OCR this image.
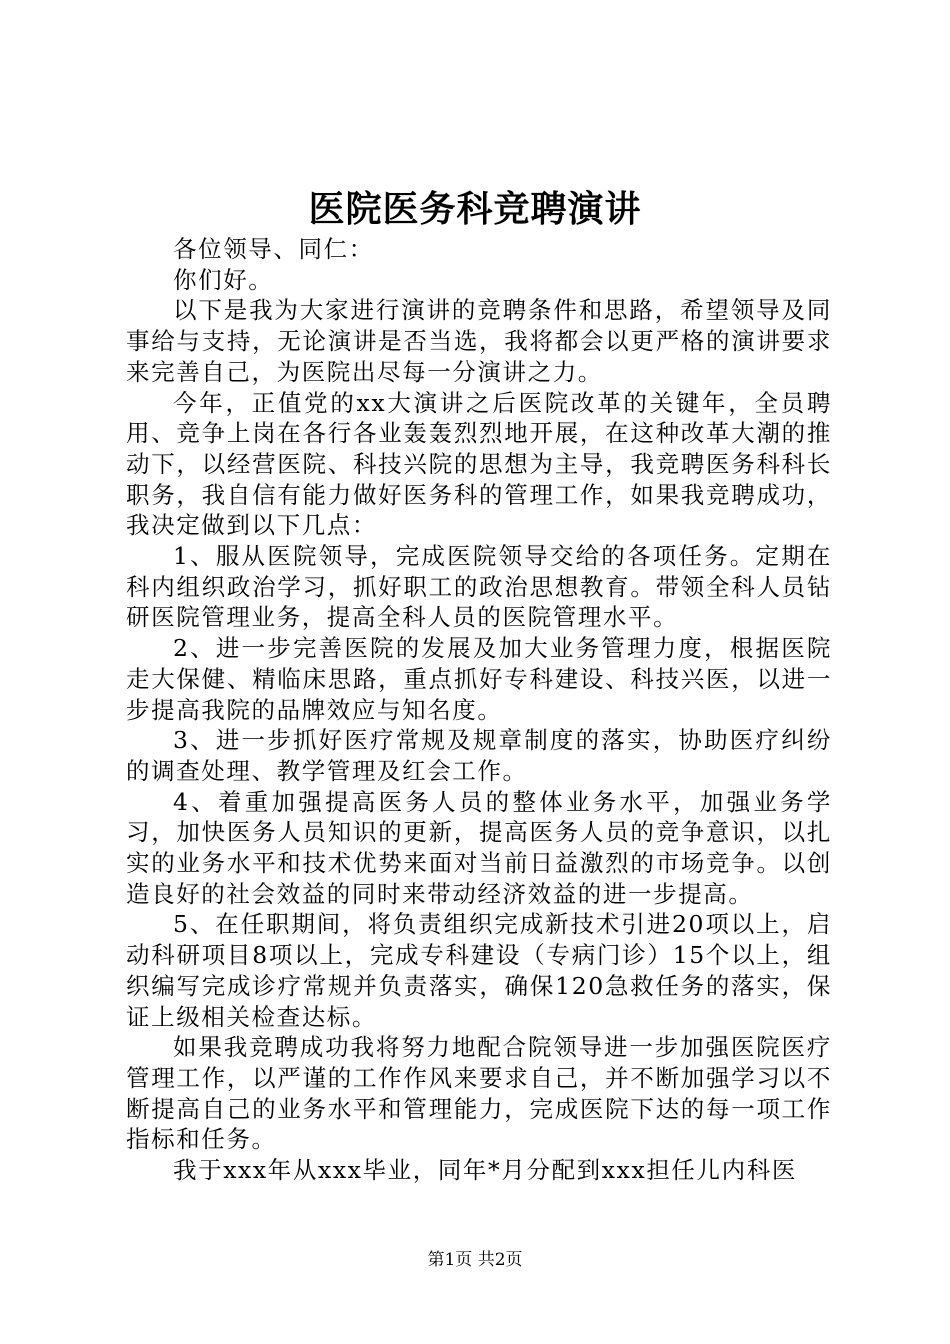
医院医务科竞聘演讲

各位领导、同仁：

你们好。

以下是我为大家进行演讲的竞聘条件和思路，希望领导及同事给与支持，无论演讲是否当选，我将都会以更严格的演讲要求来完善自己，为医院出尽每一分演讲之力。

今年，正值党的xx大演讲之后医院改革的关键年，全员聘用、竞争上岗在各行各业轰轰烈烈地开展，在这种改革大潮的推动下，以经营医院、科技兴院的思想为主导，我竞聘医务科科长职务，我自信有能力做好医务科的管理工作，如果我竞聘成功，我决定做到以下几点：

1、服从医院领导，完成医院领导交给的各项任务。定期在科内组织政治学习，抓好职工的政治思想教育。带领全科人员钻研医院管理业务，提高全科人员的医院管理水平。

2、进一步完善医院的发展及加大业务管理力度，根据医院走大保健、精临床思路，重点抓好专科建设、科技兴医，以进一步提高我院的品牌效应与知名度。

3、进一步抓好医疗常规及规章制度的落实，协助医疗纠纷的调查处理、教学管理及红会工作。

4、着重加强提高医务人员的整体业务水平，加强业务学习，加快医务人员知识的更新，提高医务人员的竞争意识，以扎实的业务水平和技术优势来面对当前日益激烈的市场竞争。以创造良好的社会效益的同时来带动经济效益的进一步提高。

5、在任职期间，将负责组织完成新技术引进20项以上，启动科研项目8项以上，完成专科建设（专病门诊）15个以上，组织编写完成诊疗常规并负责落实，确保120急救任务的落实，保证上级相关检查达标。

如果我竞聘成功我将努力地配合院领导进一步加强医院医疗管理工作，以严谨的工作作风来要求自己，并不断加强学习以不断提高自己的业务水平和管理能力，完成医院下达的每一项工作指标和任务。

我于xxx年从xxx毕业，同年*月分配到xxx担任儿内科医

第1页 共2页
